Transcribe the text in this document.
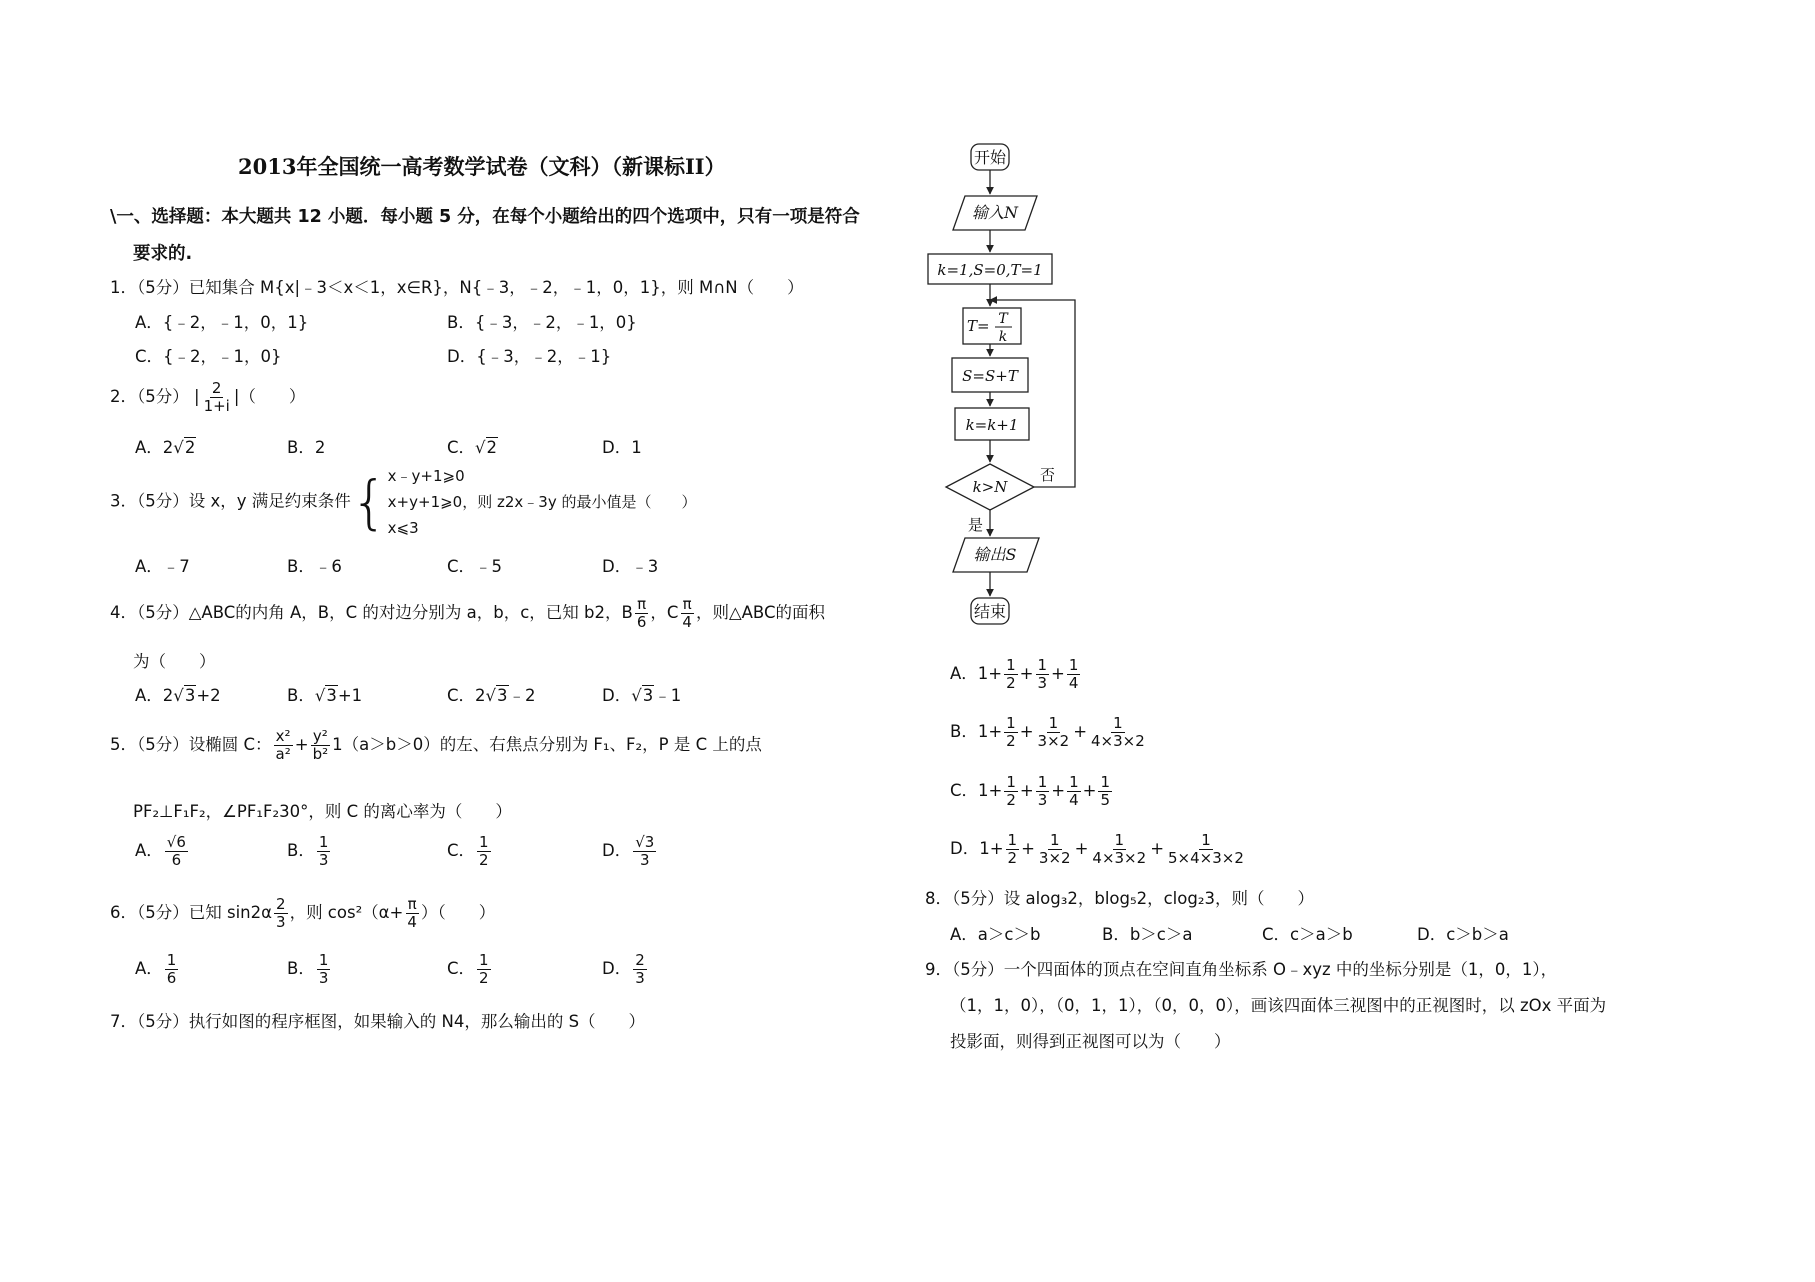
2013年全国统一高考数学试卷（文科）（新课标II）
\一、选择题：本大题共 12 小题．每小题 5 分，在每个小题给出的四个选项中，只有一项是符合
要求的.
1．（5分）已知集合 M{x|﹣3＜x＜1，x∈R}，N{﹣3，﹣2，﹣1，0，1}，则 M∩N（　　）
A．{﹣2，﹣1，0，1}	B．{﹣3，﹣2，﹣1，0}
C．{﹣2，﹣1，0}	D．{﹣3，﹣2，﹣1}
2．（5分） | $\frac{2}{1+i}$ |（　　）
A．2√2	B．2	C．√2	D．1
3．（5分）设 x，y 满足约束条件{x﹣y+1⩾0
x+y+1⩾0，则 z2x﹣3y 的最小值是（　　）
x⩽3
A．﹣7	B．﹣6	C．﹣5	D．﹣3
4．（5分）△ABC的内角 A，B，C 的对边分别为 a，b，c，已知 b2，B $\frac{\pi}{6}$ ，C $\frac{\pi}{4}$ ，则△ABC的面积
为（　　）
A．2√3+2	B．√3+1	C．2√3﹣2	D．√3﹣1
5．（5分）设椭圆 C： $\frac{\text{x²}}{\text{a²}} + \frac{\text{y²}}{\text{b²}} 1(a>b>0)$的左、右焦点分别为 F₁、F₂，P 是 C 上的点
PF₂⊥F₁F₂，∠PF₁F₂30°，则 C 的离心率为（　　）
A． $\frac{√6}{6}$	B． $\frac{1}{3}$	C． $\frac{1}{2}$	D． $\frac{√3}{3}$
6．（5分）已知 $\sin 2\alpha \frac{2}{3}$ ，则 $\cos^2(\alpha+ \frac{\pi}{4}$ ）（　　）
A． $\frac{1}{6}$	B． $\frac{1}{3}$	C． $\frac{1}{2}$	D． $\frac{2}{3}$
7．（5分）执行如图的程序框图，如果输入的 N4，那么输出的 S（　　）
开始
输入N
k=1,S=0,T=1
T= T
k
S=S+T
k=k+1
k>N
否
是
输出S
结束
A．$1+ \frac{1}{2} + \frac{1}{3} + \frac{1}{4}$
B．$1+ \frac{1}{2} + \frac{1}{3\times 2} + \frac{1}{4\times 3\times 2}$
C．$1+ \frac{1}{2} + \frac{1}{3} + \frac{1}{4} + \frac{1}{5}$
D．$1+ \frac{1}{2} + \frac{1}{3\times 2} + \frac{1}{4\times 3\times 2} + \frac{1}{5\times 4\times 3\times 2}$
8．（5分）设 alog₃2，blog₅2，clog₂3，则（　　）
A．a＞c＞b	B．b＞c＞a	C．c＞a＞b	D．c＞b＞a
9．（5分）一个四面体的顶点在空间直角坐标系 O﹣xyz 中的坐标分别是（1，0，1），
（1，1，0），（0，1，1），（0，0，0），画该四面体三视图中的正视图时，以 zOx 平面为
投影面，则得到正视图可以为（　　）
